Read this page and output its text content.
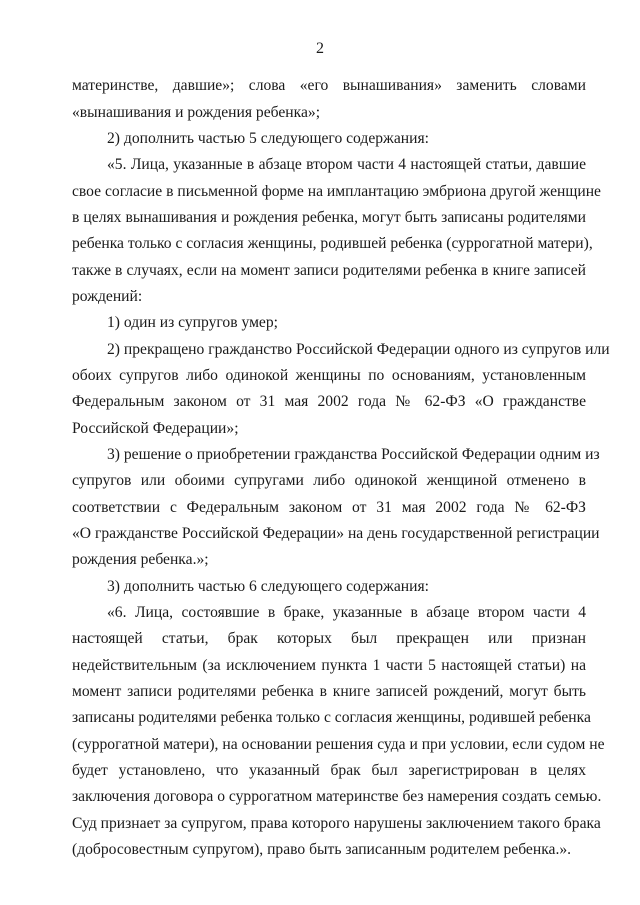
2
материнстве, давшие»; слова «его вынашивания» заменить словами
«вынашивания и рождения ребенка»;
2) дополнить частью 5 следующего содержания:
«5. Лица, указанные в абзаце втором части 4 настоящей статьи, давшие
свое согласие в письменной форме на имплантацию эмбриона другой женщине
в целях вынашивания и рождения ребенка, могут быть записаны родителями
ребенка только с согласия женщины, родившей ребенка (суррогатной матери),
также в случаях, если на момент записи родителями ребенка в книге записей
рождений:
1) один из супругов умер;
2) прекращено гражданство Российской Федерации одного из супругов или
обоих супругов либо одинокой женщины по основаниям, установленным
Федеральным законом от 31 мая 2002 года № 62-ФЗ «О гражданстве
Российской Федерации»;
3) решение о приобретении гражданства Российской Федерации одним из
супругов или обоими супругами либо одинокой женщиной отменено в
соответствии с Федеральным законом от 31 мая 2002 года № 62-ФЗ
«О гражданстве Российской Федерации» на день государственной регистрации
рождения ребенка.»;
3) дополнить частью 6 следующего содержания:
«6. Лица, состоявшие в браке, указанные в абзаце втором части 4
настоящей статьи, брак которых был прекращен или признан
недействительным (за исключением пункта 1 части 5 настоящей статьи) на
момент записи родителями ребенка в книге записей рождений, могут быть
записаны родителями ребенка только с согласия женщины, родившей ребенка
(суррогатной матери), на основании решения суда и при условии, если судом не
будет установлено, что указанный брак был зарегистрирован в целях
заключения договора о суррогатном материнстве без намерения создать семью.
Суд признает за супругом, права которого нарушены заключением такого брака
(добросовестным супругом), право быть записанным родителем ребенка.».
